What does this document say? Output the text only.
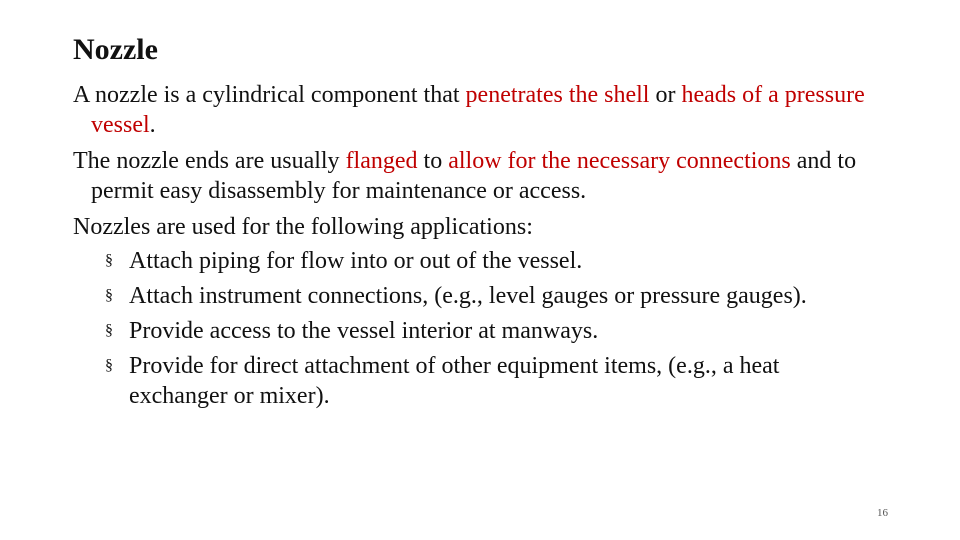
Nozzle

A nozzle is a cylindrical component that penetrates the shell or heads of a pressure vessel.

The nozzle ends are usually flanged to allow for the necessary connections and to permit easy disassembly for maintenance or access.

Nozzles are used for the following applications:

§ Attach piping for flow into or out of the vessel.
§ Attach instrument connections, (e.g., level gauges or pressure gauges).
§ Provide access to the vessel interior at manways.
§ Provide for direct attachment of other equipment items, (e.g., a heat exchanger or mixer).
16
